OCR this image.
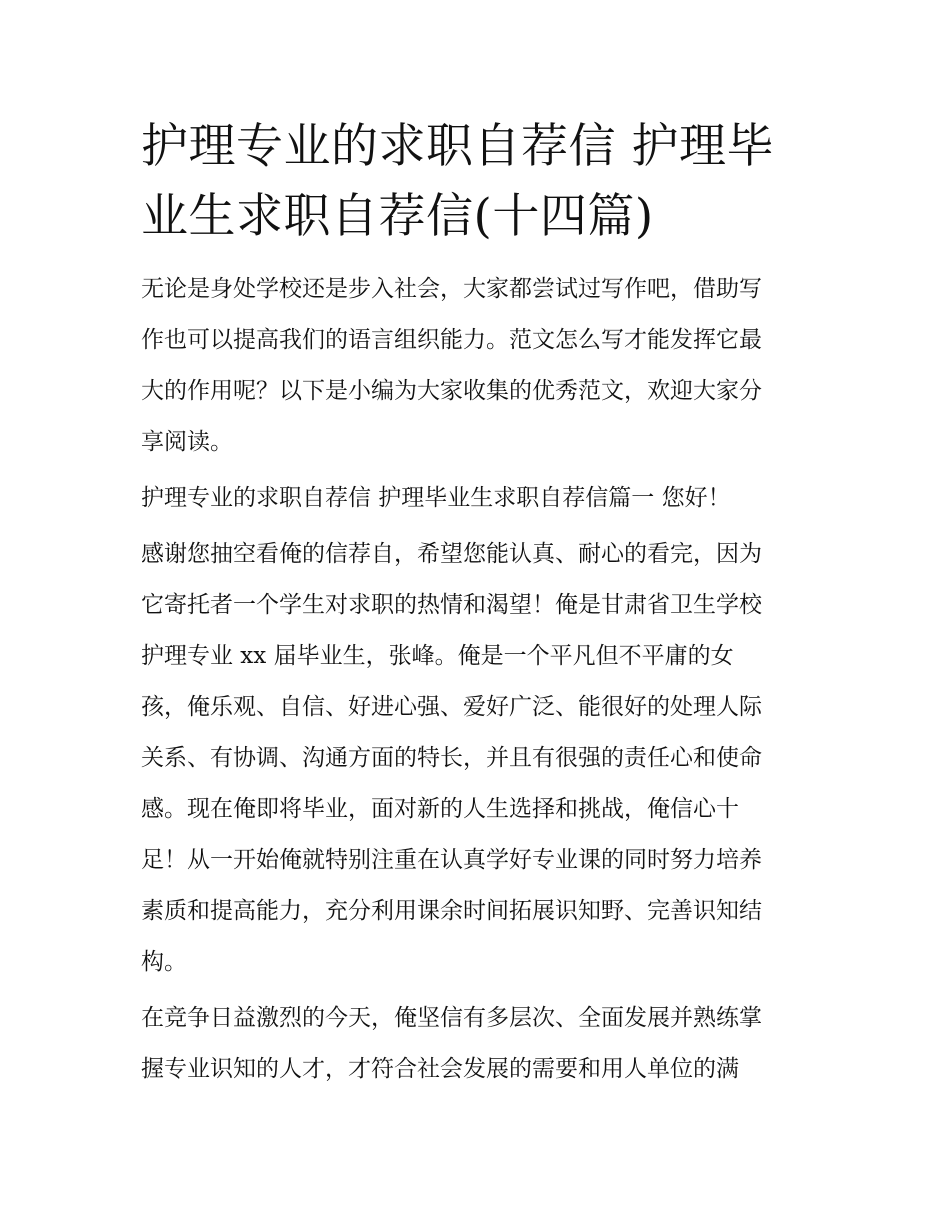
护理专业的求职自荐信 护理毕
业生求职自荐信(十四篇)

无论是身处学校还是步入社会，大家都尝试过写作吧，借助写
作也可以提高我们的语言组织能力。范文怎么写才能发挥它最
大的作用呢？以下是小编为大家收集的优秀范文，欢迎大家分
享阅读。

护理专业的求职自荐信 护理毕业生求职自荐信篇一 您好！

感谢您抽空看俺的信荐自，希望您能认真、耐心的看完，因为
它寄托者一个学生对求职的热情和渴望！俺是甘肃省卫生学校
护理专业 xx 届毕业生，张峰。俺是一个平凡但不平庸的女
孩，俺乐观、自信、好进心强、爱好广泛、能很好的处理人际
关系、有协调、沟通方面的特长，并且有很强的责任心和使命
感。现在俺即将毕业，面对新的人生选择和挑战，俺信心十
足！从一开始俺就特别注重在认真学好专业课的同时努力培养
素质和提高能力，充分利用课余时间拓展识知野、完善识知结
构。

在竞争日益激烈的今天，俺坚信有多层次、全面发展并熟练掌
握专业识知的人才，才符合社会发展的需要和用人单位的满
